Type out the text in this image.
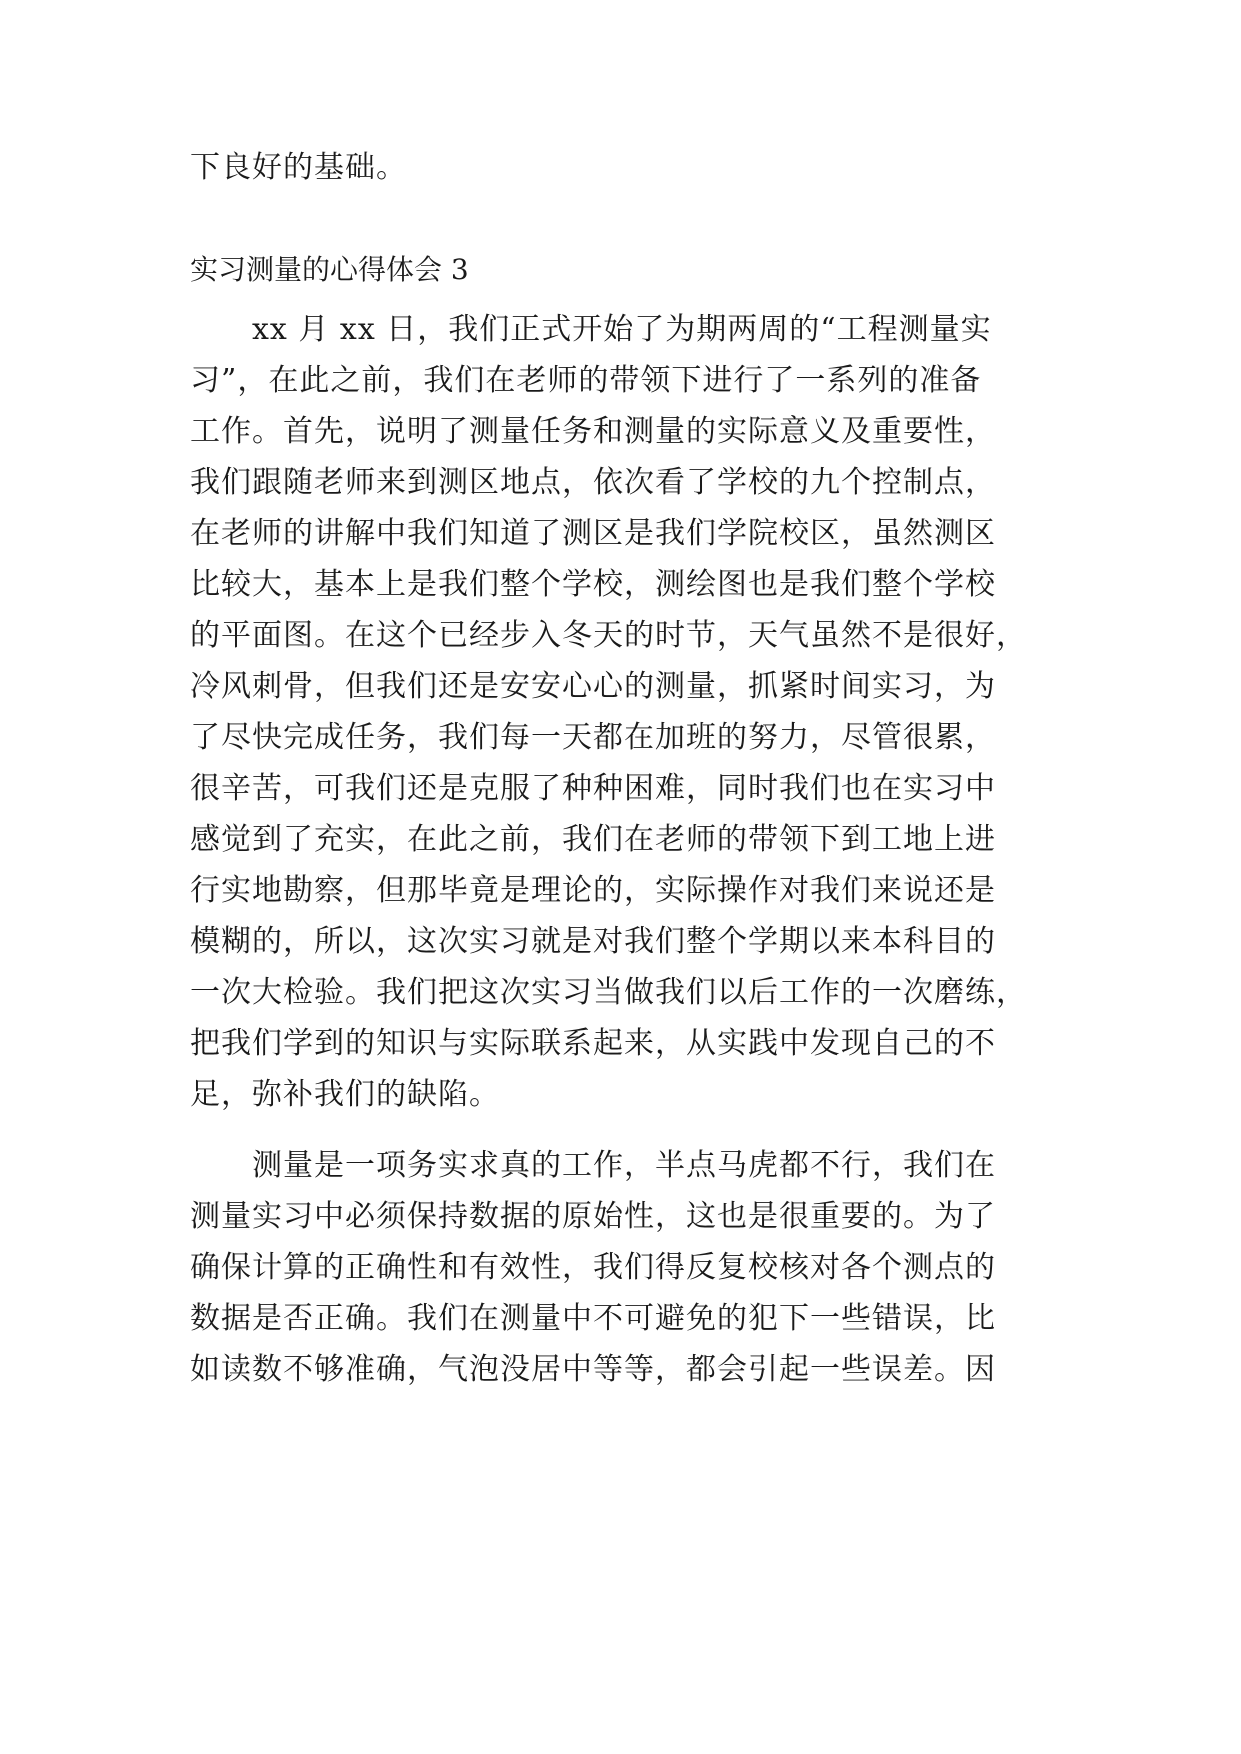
下良好的基础。

实习测量的心得体会 3

　　xx 月 xx 日，我们正式开始了为期两周的“工程测量实

习”，在此之前，我们在老师的带领下进行了一系列的准备

工作。首先，说明了测量任务和测量的实际意义及重要性，

我们跟随老师来到测区地点，依次看了学校的九个控制点，

在老师的讲解中我们知道了测区是我们学院校区，虽然测区

比较大，基本上是我们整个学校，测绘图也是我们整个学校

的平面图。在这个已经步入冬天的时节，天气虽然不是很好，

冷风刺骨，但我们还是安安心心的测量，抓紧时间实习，为

了尽快完成任务，我们每一天都在加班的努力，尽管很累，

很辛苦，可我们还是克服了种种困难，同时我们也在实习中

感觉到了充实，在此之前，我们在老师的带领下到工地上进

行实地勘察，但那毕竟是理论的，实际操作对我们来说还是

模糊的，所以，这次实习就是对我们整个学期以来本科目的

一次大检验。我们把这次实习当做我们以后工作的一次磨练，

把我们学到的知识与实际联系起来，从实践中发现自己的不

足，弥补我们的缺陷。

　　测量是一项务实求真的工作，半点马虎都不行，我们在

测量实习中必须保持数据的原始性，这也是很重要的。为了

确保计算的正确性和有效性，我们得反复校核对各个测点的

数据是否正确。我们在测量中不可避免的犯下一些错误，比

如读数不够准确，气泡没居中等等，都会引起一些误差。因
